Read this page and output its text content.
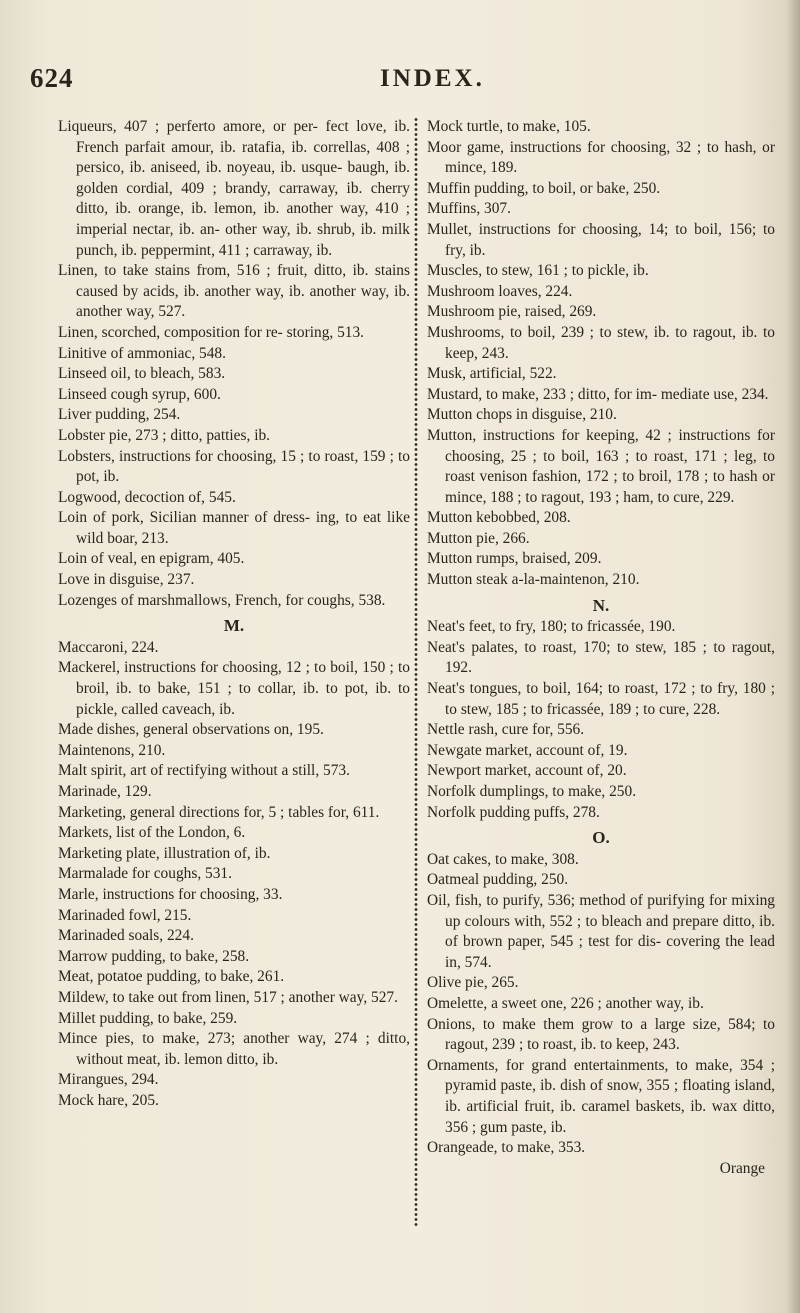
624	INDEX.

Liqueurs, 407 ; perferto amore, or per- fect love, ib. French parfait amour, ib. ratafia, ib. correllas, 408 ; persico, ib. aniseed, ib. noyeau, ib. usque- baugh, ib. golden cordial, 409 ; brandy, carraway, ib. cherry ditto, ib. orange, ib. lemon, ib. another way, 410 ; imperial nectar, ib. an- other way, ib. shrub, ib. milk punch, ib. peppermint, 411 ; carraway, ib.

Linen, to take stains from, 516 ; fruit, ditto, ib. stains caused by acids, ib. another way, ib. another way, ib. another way, 527.

Linen, scorched, composition for re- storing, 513.

Linitive of ammoniac, 548.

Linseed oil, to bleach, 583.

Linseed cough syrup, 600.

Liver pudding, 254.

Lobster pie, 273 ; ditto, patties, ib.

Lobsters, instructions for choosing, 15 ; to roast, 159 ; to pot, ib.

Logwood, decoction of, 545.

Loin of pork, Sicilian manner of dress- ing, to eat like wild boar, 213.

Loin of veal, en epigram, 405.

Love in disguise, 237.

Lozenges of marshmallows, French, for coughs, 538.

M.

Maccaroni, 224.

Mackerel, instructions for choosing, 12 ; to boil, 150 ; to broil, ib. to bake, 151 ; to collar, ib. to pot, ib. to pickle, called caveach, ib.

Made dishes, general observations on, 195.

Maintenons, 210.

Malt spirit, art of rectifying without a still, 573.

Marinade, 129.

Marketing, general directions for, 5 ; tables for, 611.

Markets, list of the London, 6.

Marketing plate, illustration of, ib.

Marmalade for coughs, 531.

Marle, instructions for choosing, 33.

Marinaded fowl, 215.

Marinaded soals, 224.

Marrow pudding, to bake, 258.

Meat, potatoe pudding, to bake, 261.

Mildew, to take out from linen, 517 ; another way, 527.

Millet pudding, to bake, 259.

Mince pies, to make, 273; another way, 274 ; ditto, without meat, ib. lemon ditto, ib.

Mirangues, 294.

Mock hare, 205.

Mock turtle, to make, 105.

Moor game, instructions for choosing, 32 ; to hash, or mince, 189.

Muffin pudding, to boil, or bake, 250.

Muffins, 307.

Mullet, instructions for choosing, 14; to boil, 156; to fry, ib.

Muscles, to stew, 161 ; to pickle, ib.

Mushroom loaves, 224.

Mushroom pie, raised, 269.

Mushrooms, to boil, 239 ; to stew, ib. to ragout, ib. to keep, 243.

Musk, artificial, 522.

Mustard, to make, 233 ; ditto, for im- mediate use, 234.

Mutton chops in disguise, 210.

Mutton, instructions for keeping, 42 ; instructions for choosing, 25 ; to boil, 163 ; to roast, 171 ; leg, to roast venison fashion, 172 ; to broil, 178 ; to hash or mince, 188 ; to ragout, 193 ; ham, to cure, 229.

Mutton kebobbed, 208.

Mutton pie, 266.

Mutton rumps, braised, 209.

Mutton steak a-la-maintenon, 210.

N.

Neat's feet, to fry, 180; to fricassée, 190.

Neat's palates, to roast, 170; to stew, 185 ; to ragout, 192.

Neat's tongues, to boil, 164; to roast, 172 ; to fry, 180 ; to stew, 185 ; to fricassée, 189 ; to cure, 228.

Nettle rash, cure for, 556.

Newgate market, account of, 19.

Newport market, account of, 20.

Norfolk dumplings, to make, 250.

Norfolk pudding puffs, 278.

O.

Oat cakes, to make, 308.

Oatmeal pudding, 250.

Oil, fish, to purify, 536; method of purifying for mixing up colours with, 552 ; to bleach and prepare ditto, ib. of brown paper, 545 ; test for dis- covering the lead in, 574.

Olive pie, 265.

Omelette, a sweet one, 226 ; another way, ib.

Onions, to make them grow to a large size, 584; to ragout, 239 ; to roast, ib. to keep, 243.

Ornaments, for grand entertainments, to make, 354 ; pyramid paste, ib. dish of snow, 355 ; floating island, ib. artificial fruit, ib. caramel baskets, ib. wax ditto, 356 ; gum paste, ib.

Orangeade, to make, 353.

Orange
